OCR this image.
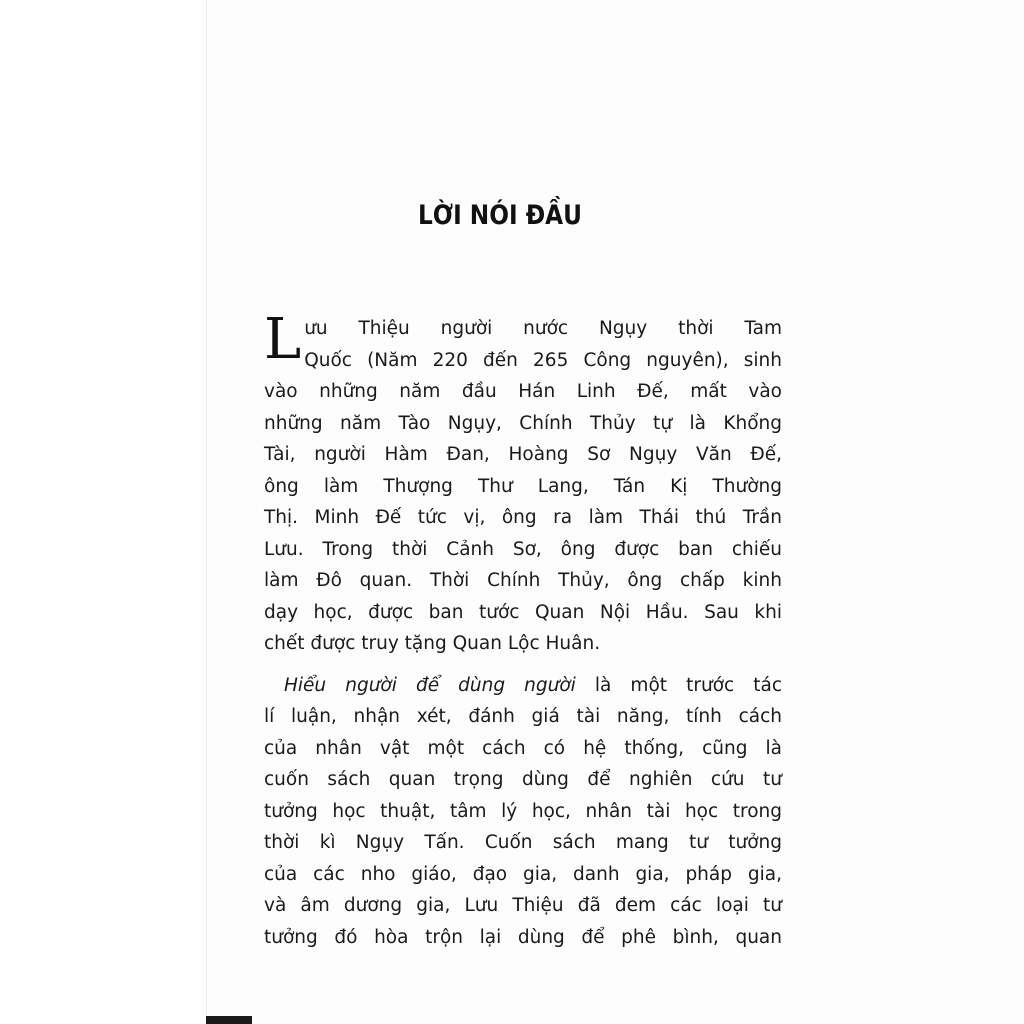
LỜI NÓI ĐẦU
L ưu Thiệu người nước Ngụy thời Tam
Quốc (Năm 220 đến 265 Công nguyên), sinh
vào những năm đầu Hán Linh Đế, mất vào
những năm Tào Ngụy, Chính Thủy tự là Khổng
Tài, người Hàm Đan, Hoàng Sơ Ngụy Văn Đế,
ông làm Thượng Thư Lang, Tán Kị Thường
Thị. Minh Đế tức vị, ông ra làm Thái thú Trần
Lưu. Trong thời Cảnh Sơ, ông được ban chiếu
làm Đô quan. Thời Chính Thủy, ông chấp kinh
dạy học, được ban tước Quan Nội Hầu. Sau khi
chết được truy tặng Quan Lộc Huân.
Hiểu người để dùng người là một trước tác
lí luận, nhận xét, đánh giá tài năng, tính cách
của nhân vật một cách có hệ thống, cũng là
cuốn sách quan trọng dùng để nghiên cứu tư
tưởng học thuật, tâm lý học, nhân tài học trong
thời kì Ngụy Tấn. Cuốn sách mang tư tưởng
của các nho giáo, đạo gia, danh gia, pháp gia,
và âm dương gia, Lưu Thiệu đã đem các loại tư
tưởng đó hòa trộn lại dùng để phê bình, quan
